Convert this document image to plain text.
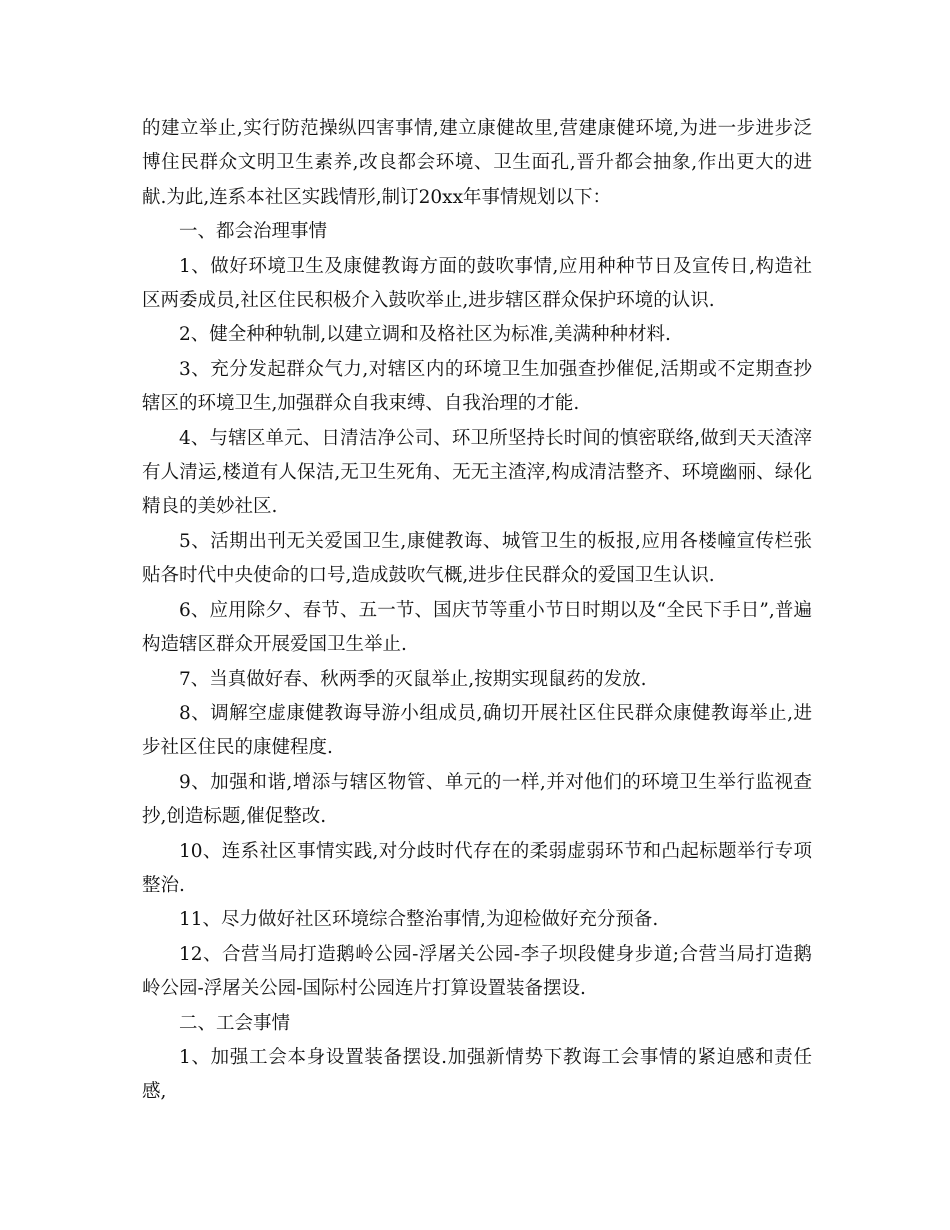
的建立举止,实行防范操纵四害事情,建立康健故里,营建康健环境,为进一步进步泛博住民群众文明卫生素养,改良都会环境、卫生面孔,晋升都会抽象,作出更大的进献.为此,连系本社区实践情形,制订20xx年事情规划以下：

一、都会治理事情

1、做好环境卫生及康健教诲方面的鼓吹事情,应用种种节日及宣传日,构造社区两委成员,社区住民积极介入鼓吹举止,进步辖区群众保护环境的认识.

2、健全种种轨制,以建立调和及格社区为标准,美满种种材料.

3、充分发起群众气力,对辖区内的环境卫生加强查抄催促,活期或不定期查抄辖区的环境卫生,加强群众自我束缚、自我治理的才能.

4、与辖区单元、日清洁净公司、环卫所坚持长时间的慎密联络,做到天天渣滓有人清运,楼道有人保洁,无卫生死角、无无主渣滓,构成清洁整齐、环境幽丽、绿化精良的美妙社区.

5、活期出刊无关爱国卫生,康健教诲、城管卫生的板报,应用各楼幢宣传栏张贴各时代中央使命的口号,造成鼓吹气概,进步住民群众的爱国卫生认识.

6、应用除夕、春节、五一节、国庆节等重小节日时期以及“全民下手日”,普遍构造辖区群众开展爱国卫生举止.

7、当真做好春、秋两季的灭鼠举止,按期实现鼠药的发放.

8、调解空虚康健教诲导游小组成员,确切开展社区住民群众康健教诲举止,进步社区住民的康健程度.

9、加强和谐,增添与辖区物管、单元的一样,并对他们的环境卫生举行监视查抄,创造标题,催促整改.

10、连系社区事情实践,对分歧时代存在的柔弱虚弱环节和凸起标题举行专项整治.

11、尽力做好社区环境综合整治事情,为迎检做好充分预备.

12、合营当局打造鹅岭公园-浮屠关公园-李子坝段健身步道;合营当局打造鹅岭公园-浮屠关公园-国际村公园连片打算设置装备摆设.

二、工会事情

1、加强工会本身设置装备摆设.加强新情势下教诲工会事情的紧迫感和责任感,
